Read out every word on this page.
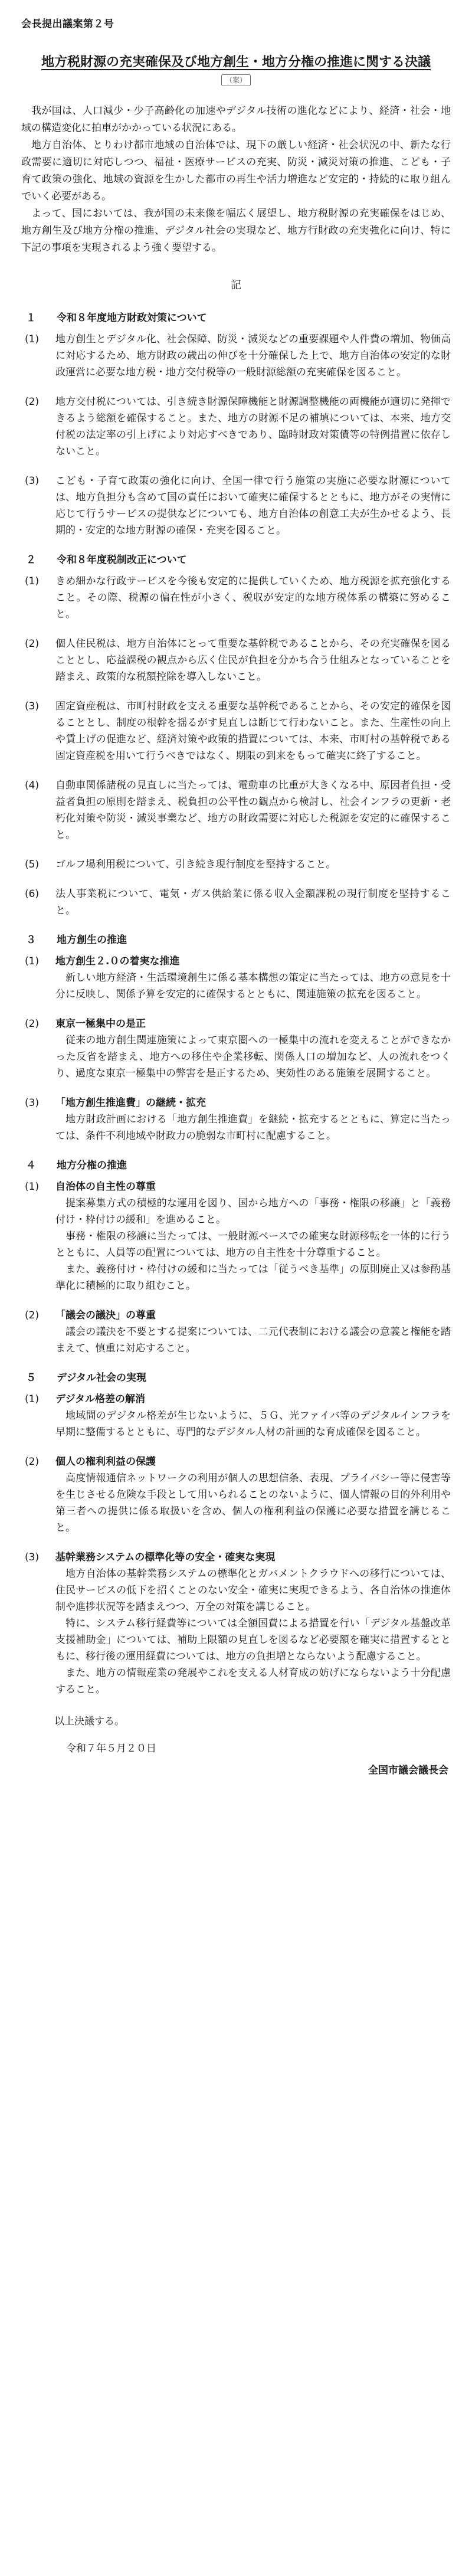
会長提出議案第２号
地方税財源の充実確保及び地方創生・地方分権の推進に関する決議
（案）

我が国は、人口減少・少子高齢化の加速やデジタル技術の進化などにより、経済・社会・地域の構造変化に拍車がかかっている状況にある。

地方自治体、とりわけ都市地域の自治体では、現下の厳しい経済・社会状況の中、新たな行政需要に適切に対応しつつ、福祉・医療サービスの充実、防災・減災対策の推進、こども・子育て政策の強化、地域の資源を生かした都市の再生や活力増進など安定的・持続的に取り組んでいく必要がある。

よって、国においては、我が国の未来像を幅広く展望し、地方税財源の充実確保をはじめ、地方創生及び地方分権の推進、デジタル社会の実現など、地方行財政の充実強化に向け、特に下記の事項を実現されるよう強く要望する。

記
１ 令和８年度地方財政対策について
(1)	地方創生とデジタル化、社会保障、防災・減災などの重要課題や人件費の増加、物価高に対応するため、地方財政の歳出の伸びを十分確保した上で、地方自治体の安定的な財政運営に必要な地方税・地方交付税等の一般財源総額の充実確保を図ること。
(2)	地方交付税については、引き続き財源保障機能と財源調整機能の両機能が適切に発揮できるよう総額を確保すること。また、地方の財源不足の補填については、本来、地方交付税の法定率の引上げにより対応すべきであり、臨時財政対策債等の特例措置に依存しないこと。
(3)	こども・子育て政策の強化に向け、全国一律で行う施策の実施に必要な財源については、地方負担分も含めて国の責任において確実に確保するとともに、地方がその実情に応じて行うサービスの提供などについても、地方自治体の創意工夫が生かせるよう、長期的・安定的な地方財源の確保・充実を図ること。
２ 令和８年度税制改正について
(1)	きめ細かな行政サービスを今後も安定的に提供していくため、地方税源を拡充強化すること。その際、税源の偏在性が小さく、税収が安定的な地方税体系の構築に努めること。
(2)	個人住民税は、地方自治体にとって重要な基幹税であることから、その充実確保を図ることとし、応益課税の観点から広く住民が負担を分かち合う仕組みとなっていることを踏まえ、政策的な税額控除を導入しないこと。
(3)	固定資産税は、市町村財政を支える重要な基幹税であることから、その安定的確保を図ることとし、制度の根幹を揺るがす見直しは断じて行わないこと。また、生産性の向上や賃上げの促進など、経済対策や政策的措置については、本来、市町村の基幹税である固定資産税を用いて行うべきではなく、期限の到来をもって確実に終了すること。
(4)	自動車関係諸税の見直しに当たっては、電動車の比重が大きくなる中、原因者負担・受益者負担の原則を踏まえ、税負担の公平性の観点から検討し、社会インフラの更新・老朽化対策や防災・減災事業など、地方の財政需要に対応した税源を安定的に確保すること。
(5)	ゴルフ場利用税について、引き続き現行制度を堅持すること。
(6)	法人事業税について、電気・ガス供給業に係る収入金額課税の現行制度を堅持すること。
３ 地方創生の推進
(1)	地方創生２.０の着実な推進
新しい地方経済・生活環境創生に係る基本構想の策定に当たっては、地方の意見を十分に反映し、関係予算を安定的に確保するとともに、関連施策の拡充を図ること。
(2)	東京一極集中の是正
従来の地方創生関連施策によって東京圏への一極集中の流れを変えることができなかった反省を踏まえ、地方への移住や企業移転、関係人口の増加など、人の流れをつくり、過度な東京一極集中の弊害を是正するため、実効性のある施策を展開すること。
(3)	「地方創生推進費」の継続・拡充
地方財政計画における「地方創生推進費」を継続・拡充するとともに、算定に当たっては、条件不利地域や財政力の脆弱な市町村に配慮すること。
４ 地方分権の推進
(1)	自治体の自主性の尊重
提案募集方式の積極的な運用を図り、国から地方への「事務・権限の移譲」と「義務付け・枠付けの緩和」を進めること。
事務・権限の移譲に当たっては、一般財源ベースでの確実な財源移転を一体的に行うとともに、人員等の配置については、地方の自主性を十分尊重すること。
また、義務付け・枠付けの緩和に当たっては「従うべき基準」の原則廃止又は参酌基準化に積極的に取り組むこと。
(2)	「議会の議決」の尊重
議会の議決を不要とする提案については、二元代表制における議会の意義と権能を踏まえて、慎重に対応すること。
５ デジタル社会の実現
(1)	デジタル格差の解消
地域間のデジタル格差が生じないように、５Ｇ、光ファイバ等のデジタルインフラを早期に整備するとともに、専門的なデジタル人材の計画的な育成確保を図ること。
(2)	個人の権利利益の保護
高度情報通信ネットワークの利用が個人の思想信条、表現、プライバシー等に侵害等を生じさせる危険な手段として用いられることのないように、個人情報の目的外利用や第三者への提供に係る取扱いを含め、個人の権利利益の保護に必要な措置を講じること。
(3)	基幹業務システムの標準化等の安全・確実な実現
地方自治体の基幹業務システムの標準化とガバメントクラウドへの移行については、住民サービスの低下を招くことのない安全・確実に実現できるよう、各自治体の推進体制や進捗状況等を踏まえつつ、万全の対策を講じること。
特に、システム移行経費等については全額国費による措置を行い「デジタル基盤改革支援補助金」については、補助上限額の見直しを図るなど必要額を確実に措置するとともに、移行後の運用経費については、地方の負担増とならないよう配慮すること。
また、地方の情報産業の発展やこれを支える人材育成の妨げにならないよう十分配慮すること。
以上決議する。
令和７年５月２０日
全国市議会議長会
